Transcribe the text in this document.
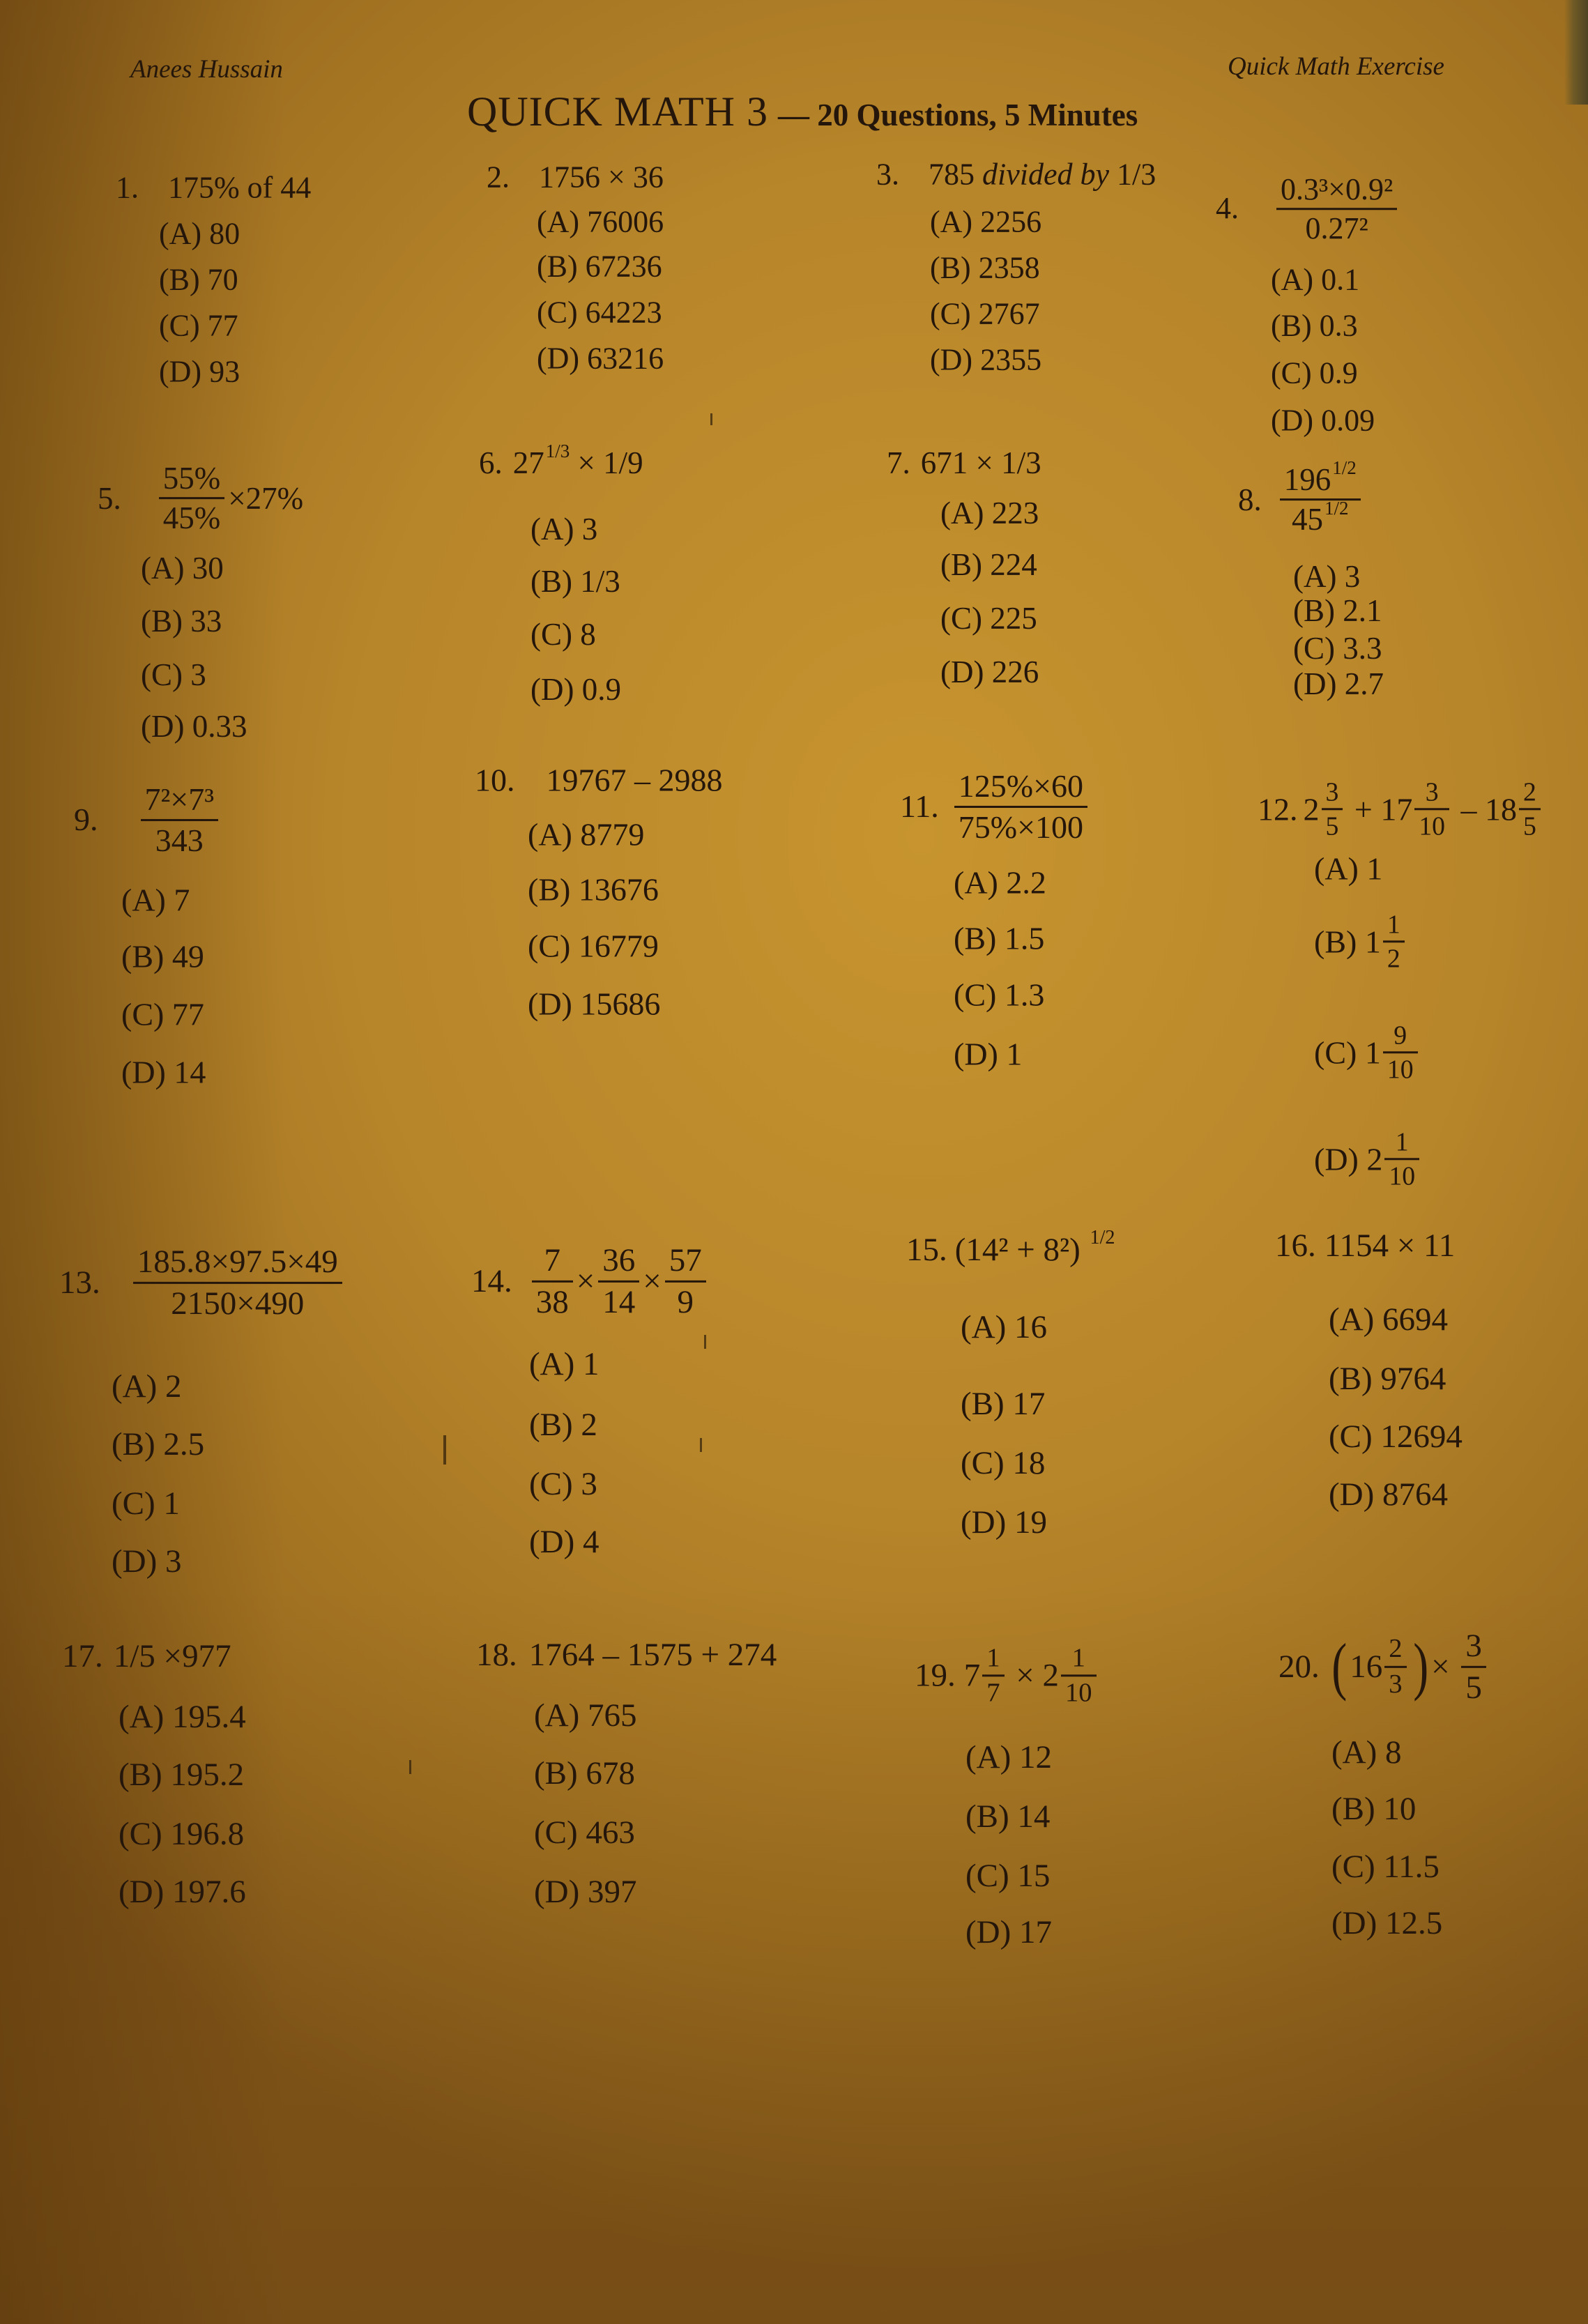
Anees Hussain	Quick Math Exercise
QUICK MATH 3 — 20 Questions, 5 Minutes
1. 175% of 44
(A) 80
(B) 70
(C) 77
(D) 93
2. 1756 × 36
(A) 76006
(B) 67236
(C) 64223
(D) 63216
3. 785 divided by 1/3
(A) 2256
(B) 2358
(C) 2767
(D) 2355
4. $\frac{\text{0.3³×0.9²}}{\text{0.27²}}$
(A) 0.1
(B) 0.3
(C) 0.9
(D) 0.09
5. $\frac{55\%}{45\%} \times 27\%$
(A) 30
(B) 33
(C) 3
(D) 0.33
6. 27 1/3 × 1/9
(A) 3
(B) 1/3
(C) 8
(D) 0.9
7. 671 × 1/3
(A) 223
(B) 224
(C) 225
(D) 226
8. $\frac{196 1/2}{45 1/2}$
(A) 3
(B) 2.1
(C) 3.3
(D) 2.7
9. $\frac{\text{7²×7³}}{343}$
(A) 7
(B) 49
(C) 77
(D) 14
10. 19767 – 2988
(A) 8779
(B) 13676
(C) 16779
(D) 15686
11. $\frac{125\%\times 60}{75\%\times 100}$
(A) 2.2
(B) 1.5
(C) 1.3
(D) 1
12. $2 \frac{3}{5} + 17 \frac{3}{10} - 18 \frac{2}{5}$
(A) 1
(B) $1 \frac{1}{2}$
(C) $1 \frac{9}{10}$
(D) $2 \frac{1}{10}$
13. $\frac{185.8\times 97.5\times 49}{2150\times 490}$
(A) 2
(B) 2.5
(C) 1
(D) 3
14. $\frac{7}{38} \times \frac{36}{14} \times \frac{57}{9}$
(A) 1
(B) 2
(C) 3
(D) 4
15. (14² + 8²) 1/2
(A) 16
(B) 17
(C) 18
(D) 19
16. 1154 × 11
(A) 6694
(B) 9764
(C) 12694
(D) 8764
17. 1/5 ×977
(A) 195.4
(B) 195.2
(C) 196.8
(D) 197.6
18. 1764 – 1575 + 274
(A) 765
(B) 678
(C) 463
(D) 397
19. $7 \frac{1}{7} \times 2 \frac{1}{10}$
(A) 12
(B) 14
(C) 15
(D) 17
20. ( $16 \frac{2}{3}$ ) × $\frac{3}{5}$
(A) 8
(B) 10
(C) 11.5
(D) 12.5
